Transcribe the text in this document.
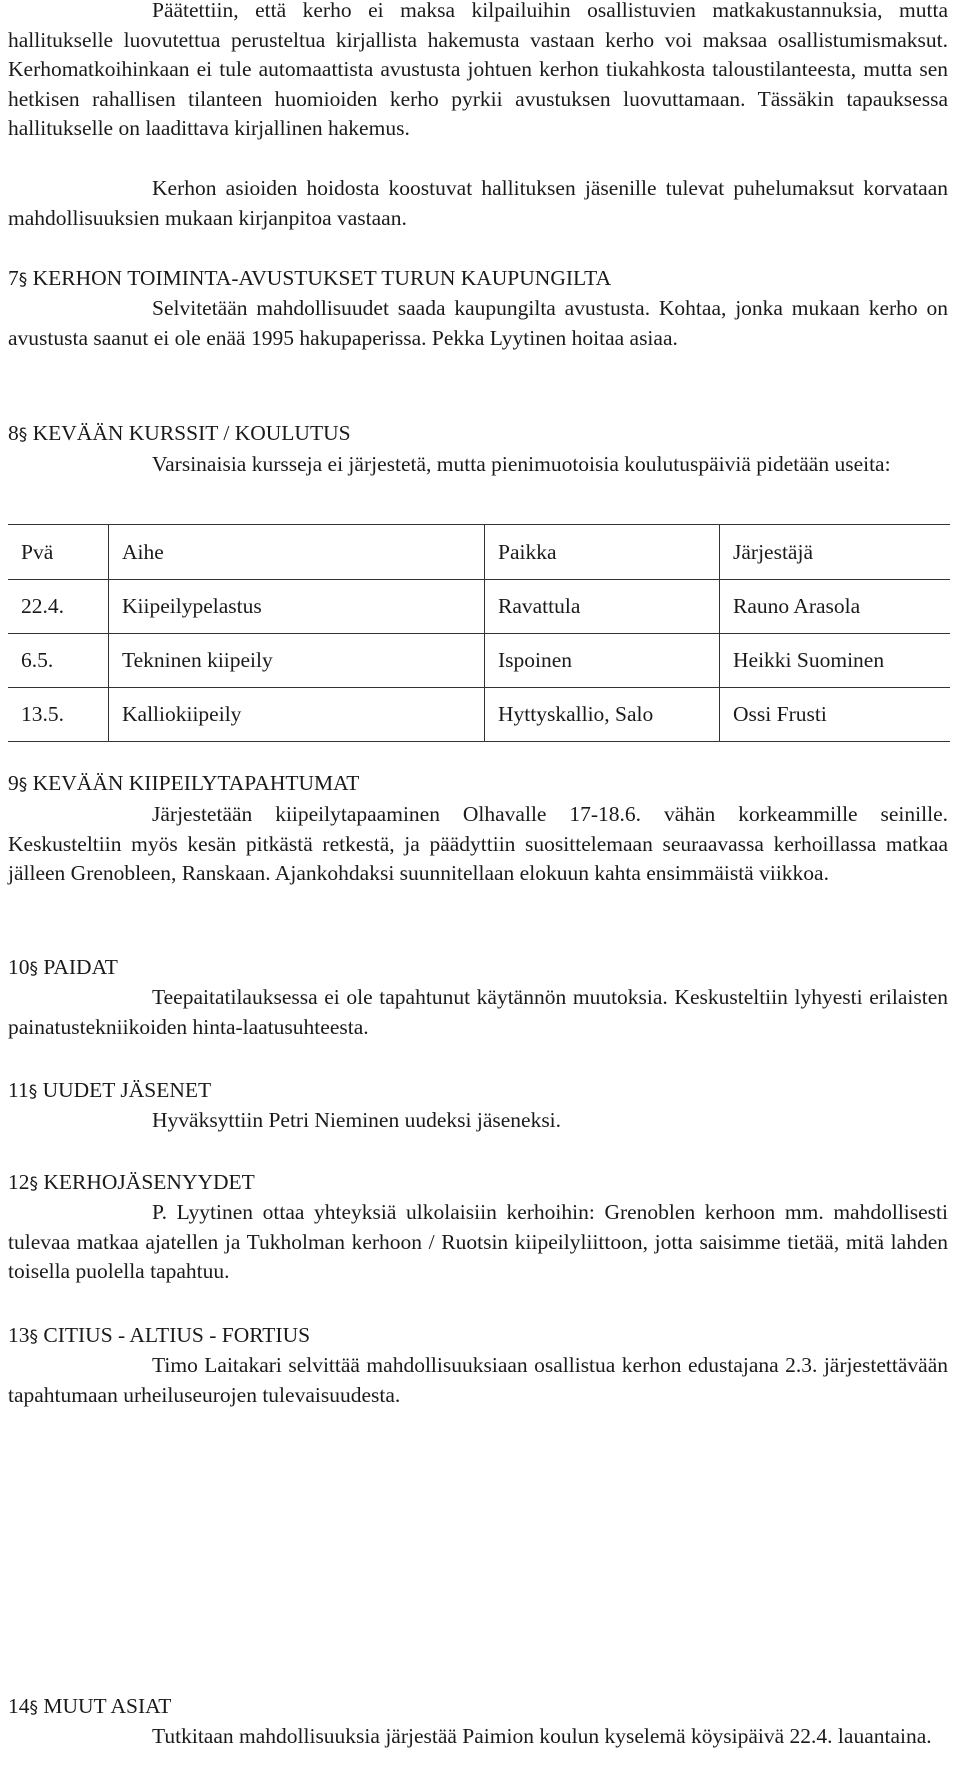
Päätettiin, että kerho ei maksa kilpailuihin osallistuvien matkakustannuksia, mutta hallitukselle luovutettua perusteltua kirjallista hakemusta vastaan kerho voi maksaa osallistumismaksut. Kerhomatkoihinkaan ei tule automaattista avustusta johtuen kerhon tiukahkosta taloustilanteesta, mutta sen hetkisen rahallisen tilanteen huomioiden kerho pyrkii avustuksen luovuttamaan. Tässäkin tapauksessa hallitukselle on laadittava kirjallinen hakemus.

Kerhon asioiden hoidosta koostuvat hallituksen jäsenille tulevat puhelumaksut korvataan mahdollisuuksien mukaan kirjanpitoa vastaan.

7§ KERHON TOIMINTA-AVUSTUKSET TURUN KAUPUNGILTA

Selvitetään mahdollisuudet saada kaupungilta avustusta. Kohtaa, jonka mukaan kerho on avustusta saanut ei ole enää 1995 hakupaperissa. Pekka Lyytinen hoitaa asiaa.

8§ KEVÄÄN KURSSIT / KOULUTUS

Varsinaisia kursseja ei järjestetä, mutta pienimuotoisia koulutuspäiviä pidetään useita:

Pvä	Aihe	Paikka	Järjestäjä
22.4.	Kiipeilypelastus	Ravattula	Rauno Arasola
6.5.	Tekninen kiipeily	Ispoinen	Heikki Suominen
13.5.	Kalliokiipeily	Hyttyskallio, Salo	Ossi Frusti
9§ KEVÄÄN KIIPEILYTAPAHTUMAT

Järjestetään kiipeilytapaaminen Olhavalle 17-18.6. vähän korkeammille seinille. Keskusteltiin myös kesän pitkästä retkestä, ja päädyttiin suosittelemaan seuraavassa kerhoillassa matkaa jälleen Grenobleen, Ranskaan. Ajankohdaksi suunnitellaan elokuun kahta ensimmäistä viikkoa.

10§ PAIDAT

Teepaitatilauksessa ei ole tapahtunut käytännön muutoksia. Keskusteltiin lyhyesti erilaisten painatustekniikoiden hinta-laatusuhteesta.

11§ UUDET JÄSENET

Hyväksyttiin Petri Nieminen uudeksi jäseneksi.

12§ KERHOJÄSENYYDET

P. Lyytinen ottaa yhteyksiä ulkolaisiin kerhoihin: Grenoblen kerhoon mm. mahdollisesti tulevaa matkaa ajatellen ja Tukholman kerhoon / Ruotsin kiipeilyliittoon, jotta saisimme tietää, mitä lahden toisella puolella tapahtuu.

13§ CITIUS - ALTIUS - FORTIUS

Timo Laitakari selvittää mahdollisuuksiaan osallistua kerhon edustajana 2.3. järjestettävään tapahtumaan urheiluseurojen tulevaisuudesta.

14§ MUUT ASIAT

Tutkitaan mahdollisuuksia järjestää Paimion koulun kyselemä köysipäivä 22.4. lauantaina.
